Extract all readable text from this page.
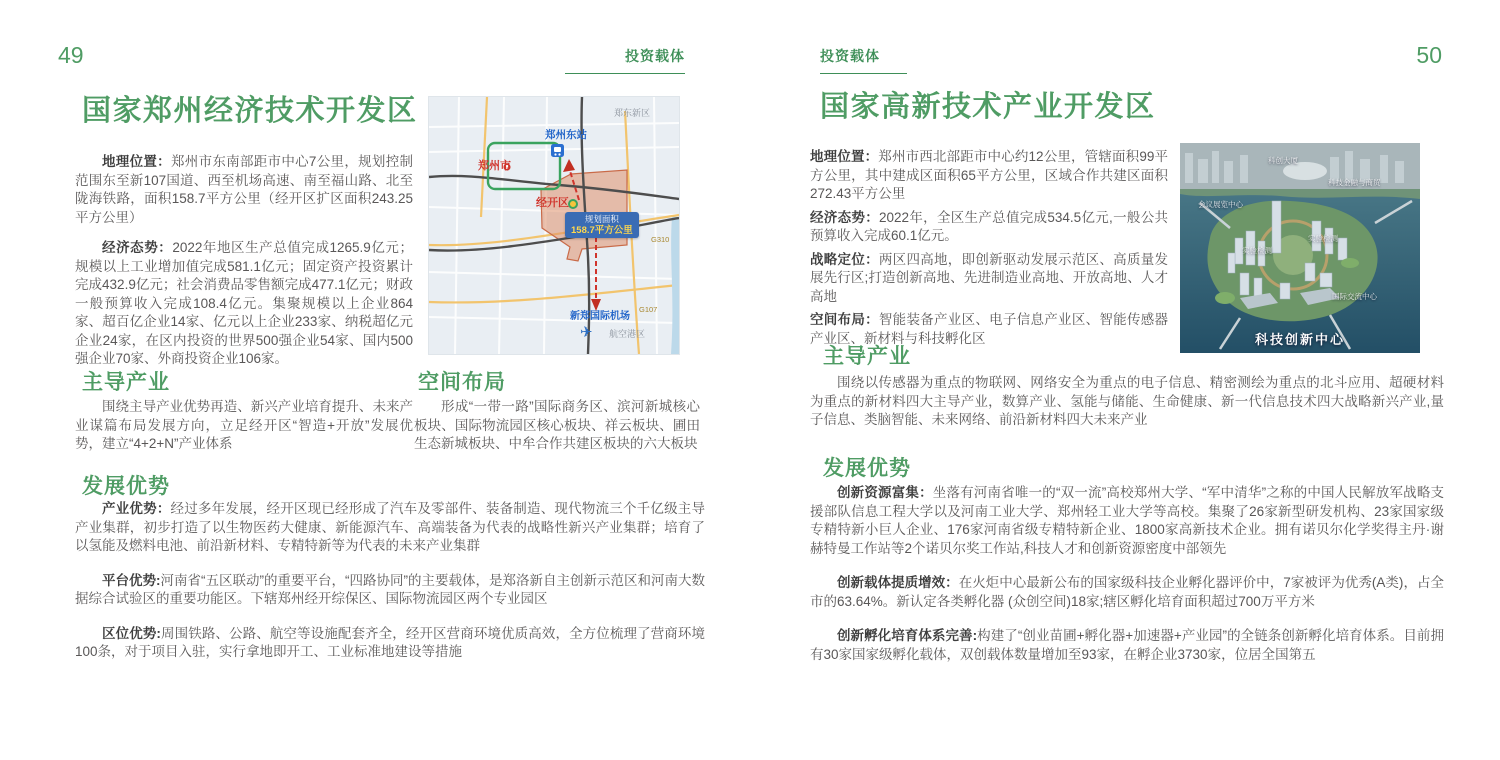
49	投资载体
国家郑州经济技术开发区

地理位置：郑州市东南部距市中心7公里，规划控制范围东至新107国道、西至机场高速、南至福山路、北至陇海铁路，面积158.7平方公里（经开区扩区面积243.25平方公里）

经济态势：2022年地区生产总值完成1265.9亿元；规模以上工业增加值完成581.1亿元；固定资产投资累计完成432.9亿元；社会消费品零售额完成477.1亿元；财政一般预算收入完成108.4亿元。集聚规模以上企业864家、超百亿企业14家、亿元以上企业233家、纳税超亿元企业24家，在区内投资的世界500强企业54家、国内500强企业70家、外商投资企业106家。

郑东新区
郑州东站
郑州市
经开区
规划面积
158.7平方公里
新郑国际机场
✈ 航空港区
G107
G310
主导产业

围绕主导产业优势再造、新兴产业培育提升、未来产业谋篇布局发展方向，立足经开区“智造+开放”发展优势，建立“4+2+N”产业体系

空间布局

形成“一带一路”国际商务区、滨河新城核心板块、国际物流园区核心板块、祥云板块、圃田生态新城板块、中牟合作共建区板块的六大板块

发展优势

产业优势：经过多年发展，经开区现已经形成了汽车及零部件、装备制造、现代物流三个千亿级主导产业集群，初步打造了以生物医药大健康、新能源汽车、高端装备为代表的战略性新兴产业集群；培育了以氢能及燃料电池、前沿新材料、专精特新等为代表的未来产业集群

平台优势:河南省“五区联动”的重要平台，“四路协同”的主要载体，是郑洛新自主创新示范区和河南大数据综合试验区的重要功能区。下辖郑州经开综保区、国际物流园区两个专业园区

区位优势:周围铁路、公路、航空等设施配套齐全，经开区营商环境优质高效，全方位梳理了营商环境100条，对于项目入驻，实行拿地即开工、工业标准地建设等措施

投资载体	50
国家高新技术产业开发区

地理位置：郑州市西北部距市中心约12公里，管辖面积99平方公里，其中建成区面积65平方公里，区域合作共建区面积272.43平方公里

经济态势：2022年，全区生产总值完成534.5亿元,一般公共预算收入完成60.1亿元。

战略定位：两区四高地，即创新驱动发展示范区、高质量发展先行区;打造创新高地、先进制造业高地、开放高地、人才高地

空间布局：智能装备产业区、电子信息产业区、智能传感器产业区、新材料与科技孵化区

科创大厦
科技金融与商贸
会议展览中心
实验检测
实验检测
国际交流中心
科技创新中心
主导产业

围绕以传感器为重点的物联网、网络安全为重点的电子信息、精密测绘为重点的北斗应用、超硬材料为重点的新材料四大主导产业，数算产业、氢能与储能、生命健康、新一代信息技术四大战略新兴产业,量子信息、类脑智能、未来网络、前沿新材料四大未来产业

发展优势

创新资源富集：坐落有河南省唯一的“双一流”高校郑州大学、“军中清华”之称的中国人民解放军战略支援部队信息工程大学以及河南工业大学、郑州轻工业大学等高校。集聚了26家新型研发机构、23家国家级专精特新小巨人企业、176家河南省级专精特新企业、1800家高新技术企业。拥有诺贝尔化学奖得主丹·谢赫特曼工作站等2个诺贝尔奖工作站,科技人才和创新资源密度中部领先

创新载体提质增效：在火炬中心最新公布的国家级科技企业孵化器评价中，7家被评为优秀(A类)，占全市的63.64%。新认定各类孵化器 (众创空间)18家;辖区孵化培育面积超过700万平方米

创新孵化培育体系完善:构建了“创业苗圃+孵化器+加速器+产业园”的全链条创新孵化培育体系。目前拥有30家国家级孵化载体，双创载体数量增加至93家，在孵企业3730家，位居全国第五
